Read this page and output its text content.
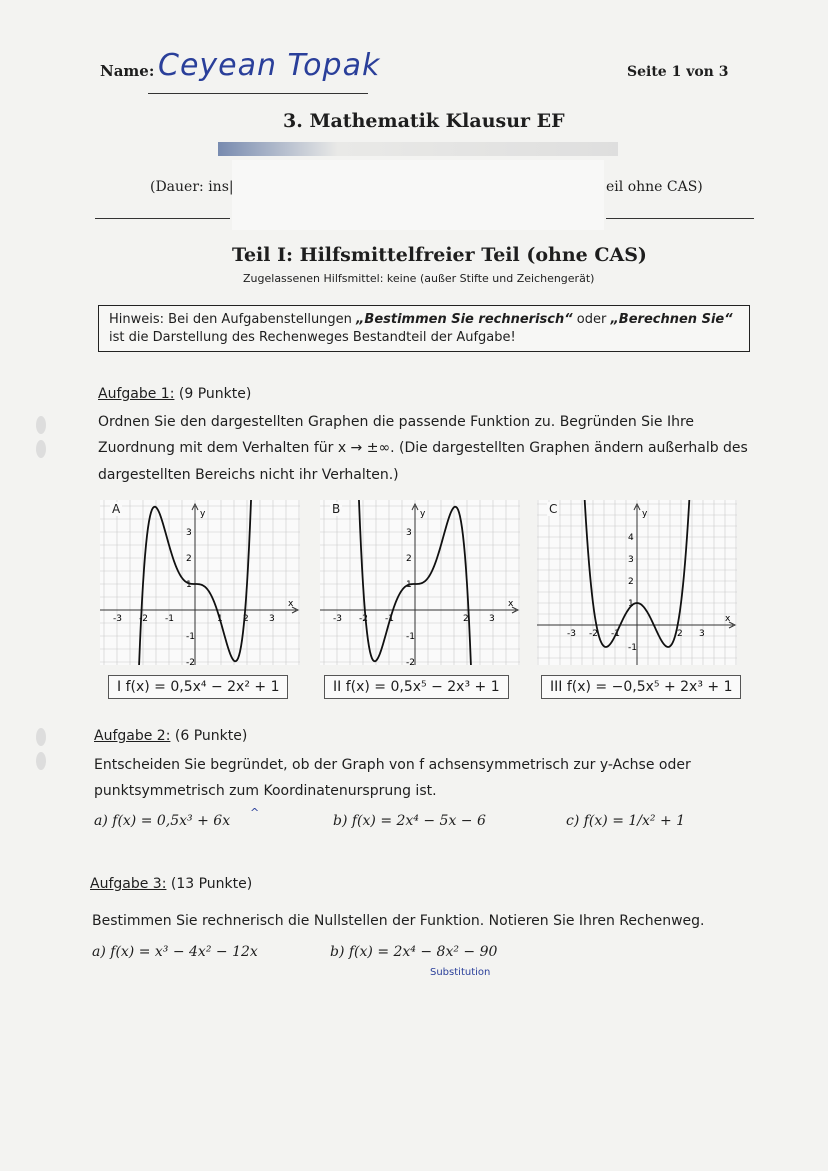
Name: Ceyean Topak	Seite 1 von 3
3. Mathematik Klausur EF
(Dauer: ins|	eil ohne CAS)
Teil I: Hilfsmittelfreier Teil (ohne CAS)
Zugelassenen Hilfsmittel: keine (außer Stifte und Zeichengerät)
Hinweis: Bei den Aufgabenstellungen „Bestimmen Sie rechnerisch“ oder „Berechnen Sie“
ist die Darstellung des Rechenweges Bestandteil der Aufgabe!
Aufgabe 1: (9 Punkte)
Ordnen Sie den dargestellten Graphen die passende Funktion zu. Begründen Sie Ihre
Zuordnung mit dem Verhalten für x → ±∞. (Die dargestellten Graphen ändern außerhalb des
dargestellten Bereichs nicht ihr Verhalten.)
x
y
-3 -2 -1	1 2 3
3
2
1
-1
-2
A
x
y
-3 -2 -1	2 3
3
2
1
-1
-2
B
x
y
-3 -2 -1	2 3
4
3
2
1
-1
C
I f(x) = 0,5x⁴ − 2x² + 1	II f(x) = 0,5x⁵ − 2x³ + 1	III f(x) = −0,5x⁵ + 2x³ + 1
Aufgabe 2: (6 Punkte)
Entscheiden Sie begründet, ob der Graph von f achsensymmetrisch zur y-Achse oder
punktsymmetrisch zum Koordinatenursprung ist.
a) f(x) = 0,5x³ + 6x
^
b) f(x) = 2x⁴ − 5x − 6	c) f(x) = 1/x² + 1
Aufgabe 3: (13 Punkte)
Bestimmen Sie rechnerisch die Nullstellen der Funktion. Notieren Sie Ihren Rechenweg.
a) f(x) = x³ − 4x² − 12x	b) f(x) = 2x⁴ − 8x² − 90
Substitution
